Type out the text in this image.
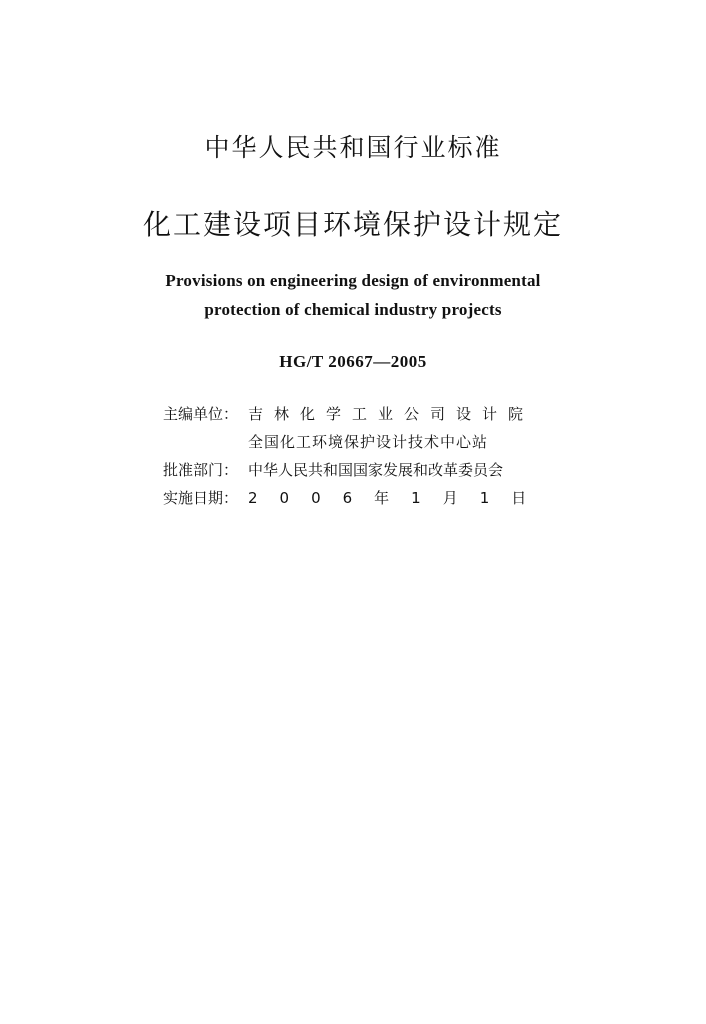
中华人民共和国行业标准
化工建设项目环境保护设计规定
Provisions on engineering design of environmental
protection of chemical industry projects
HG/T 20667—2005
主编单位： 吉林化学工业公司设计院
全国化工环境保护设计技术中心站
批准部门： 中华人民共和国国家发展和改革委员会
实施日期： 2006年1月1日
